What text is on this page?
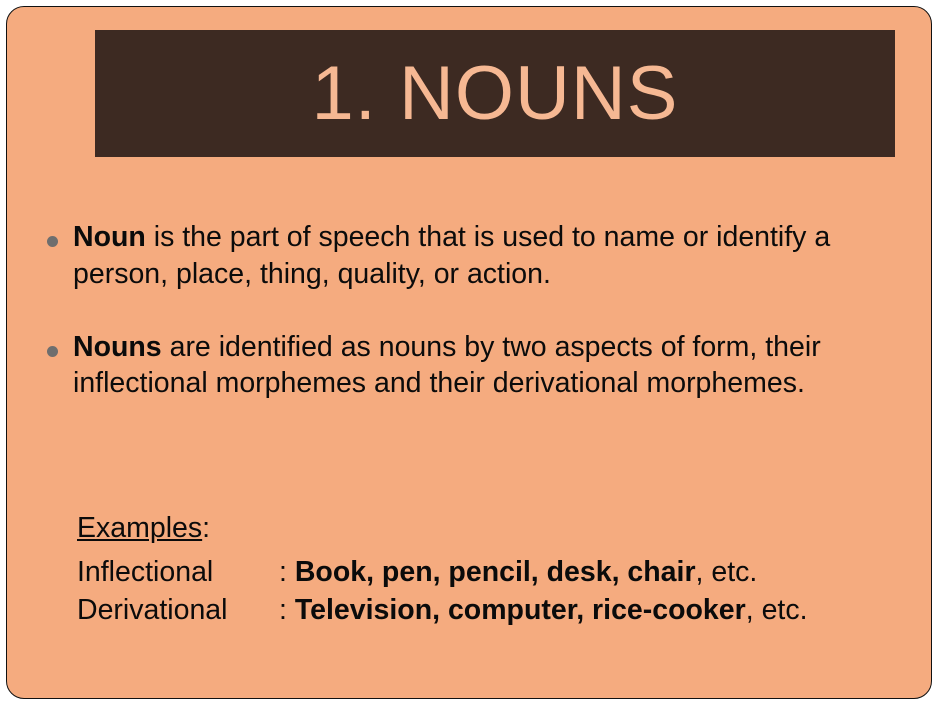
1. NOUNS
Noun is the part of speech that is used to name or identify a person, place, thing, quality, or action.
Nouns are identified as nouns by two aspects of form, their inflectional morphemes and their derivational morphemes.
Examples:
Inflectional : Book, pen, pencil, desk, chair, etc.
Derivational : Television, computer, rice-cooker, etc.
